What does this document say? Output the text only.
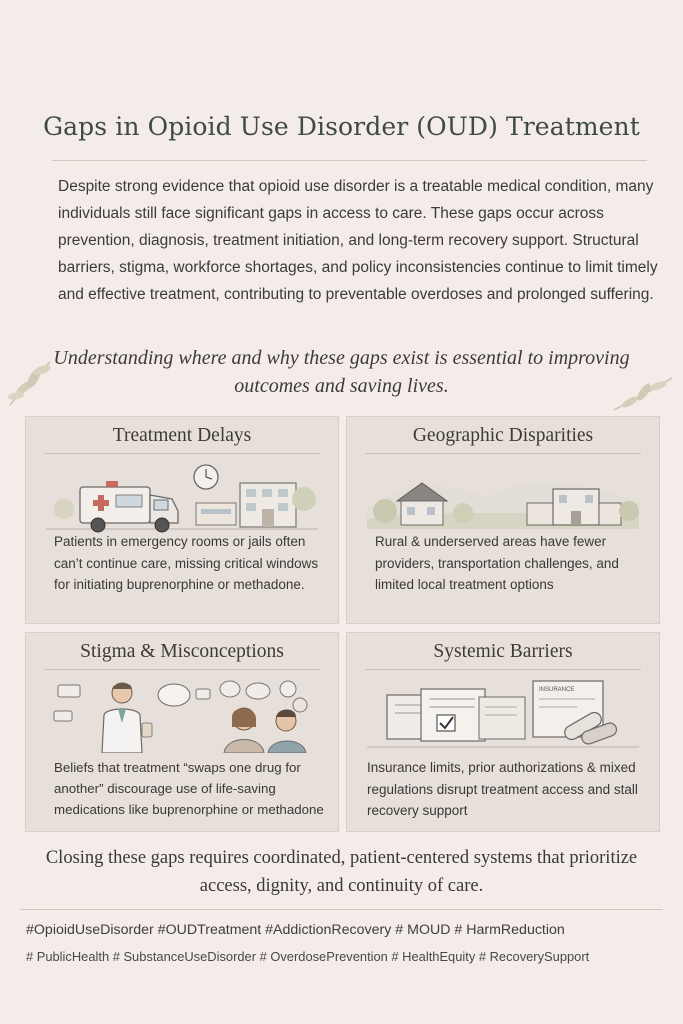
Gaps in Opioid Use Disorder (OUD) Treatment
Despite strong evidence that opioid use disorder is a treatable medical condition, many individuals still face significant gaps in access to care. These gaps occur across prevention, diagnosis, treatment initiation, and long-term recovery support. Structural barriers, stigma, workforce shortages, and policy inconsistencies continue to limit timely and effective treatment, contributing to preventable overdoses and prolonged suffering.
Understanding where and why these gaps exist is essential to improving outcomes and saving lives.
Treatment Delays
Patients in emergency rooms or jails often can’t continue care, missing critical windows for initiating buprenorphine or methadone.
Geographic Disparities
Rural & underserved areas have fewer providers, transportation challenges, and limited local treatment options
Stigma & Misconceptions
Beliefs that treatment “swaps one drug for another” discourage use of life-saving medications like buprenorphine or methadone
Systemic Barriers
INSURANCE
Insurance limits, prior authorizations & mixed regulations disrupt treatment access and stall recovery support
Closing these gaps requires coordinated, patient-centered systems that prioritize access, dignity, and continuity of care.
#OpioidUseDisorder #OUDTreatment #AddictionRecovery # MOUD # HarmReduction
# PublicHealth # SubstanceUseDisorder # OverdosePrevention # HealthEquity # RecoverySupport
